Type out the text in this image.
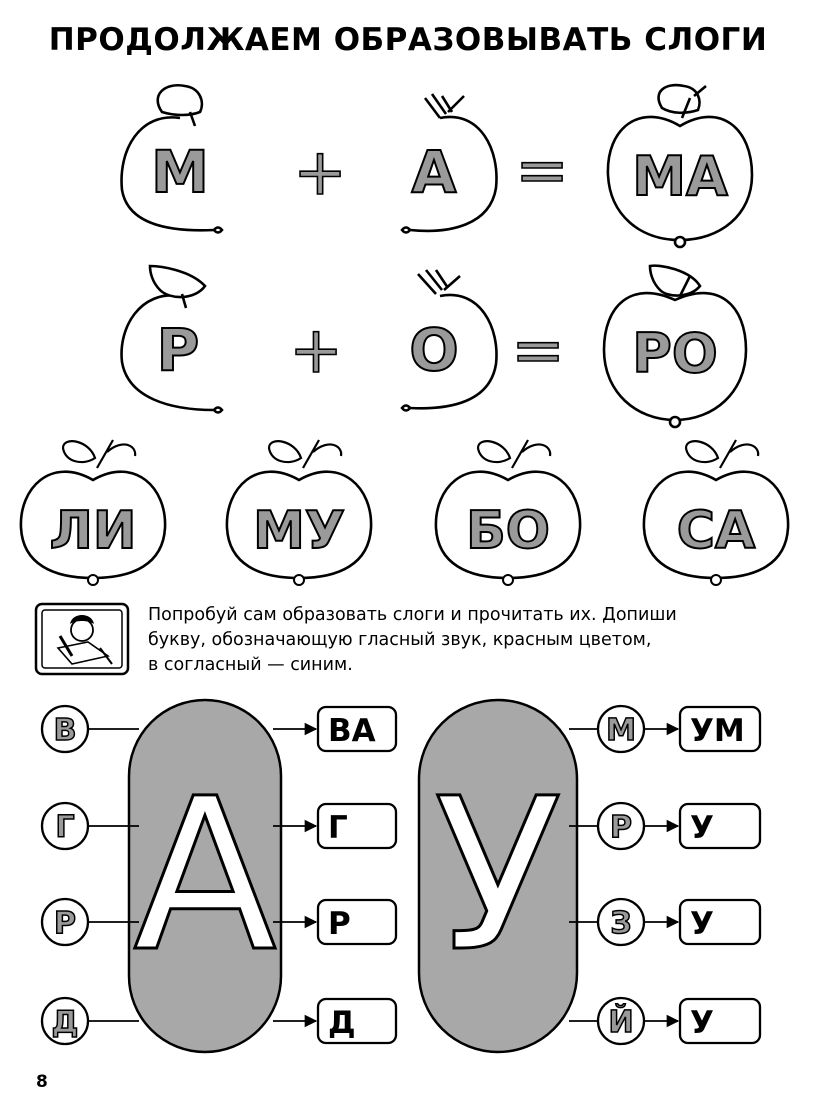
ПРОДОЛЖАЕМ ОБРАЗОВЫВАТЬ СЛОГИ
М + А = МА
Р + О = РО
ЛИ МУ БО СА
А
В	ВА
Г	Г
Р	Р
Д	Д
У
М УМ
Р У
З У
Й У
Попробуй сам образовать слоги и прочитать их. Допиши
букву, обозначающую гласный звук, красным цветом,
в согласный — синим.
8
